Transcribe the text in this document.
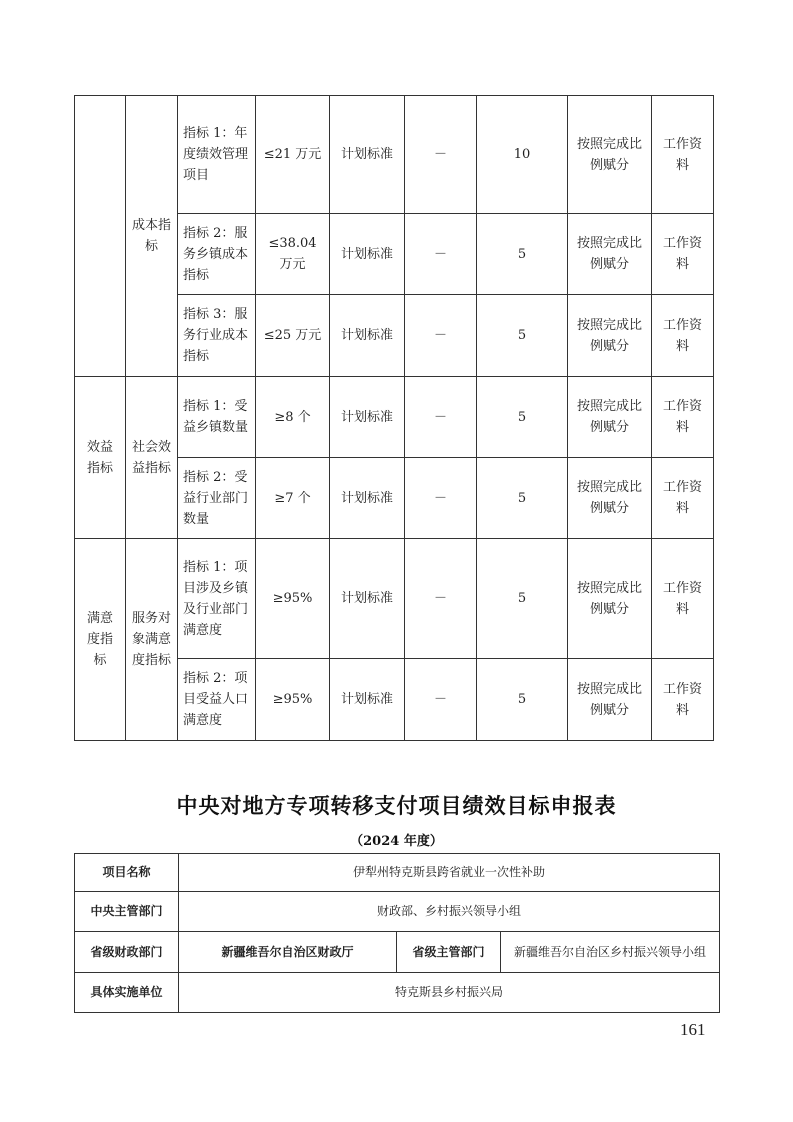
	成本指标	指标 1：年度绩效管理项目	≤21 万元	计划标准	－	10	按照完成比例赋分	工作资料
		指标 2：服务乡镇成本指标	≤38.04 万元	计划标准	－	5	按照完成比例赋分	工作资料
		指标 3：服务行业成本指标	≤25 万元	计划标准	－	5	按照完成比例赋分	工作资料
效益指标	社会效益指标	指标 1：受益乡镇数量	≥8 个	计划标准	－	5	按照完成比例赋分	工作资料
		指标 2：受益行业部门数量	≥7 个	计划标准	－	5	按照完成比例赋分	工作资料
满意度指标	服务对象满意度指标	指标 1：项目涉及乡镇及行业部门满意度	≥95%	计划标准	－	5	按照完成比例赋分	工作资料
		指标 2：项目受益人口满意度	≥95%	计划标准	－	5	按照完成比例赋分	工作资料
中央对地方专项转移支付项目绩效目标申报表
（2024 年度）
项目名称	伊犁州特克斯县跨省就业一次性补助		
中央主管部门	财政部、乡村振兴领导小组		
省级财政部门	新疆维吾尔自治区财政厅	省级主管部门	新疆维吾尔自治区乡村振兴领导小组
具体实施单位	特克斯县乡村振兴局		
161
